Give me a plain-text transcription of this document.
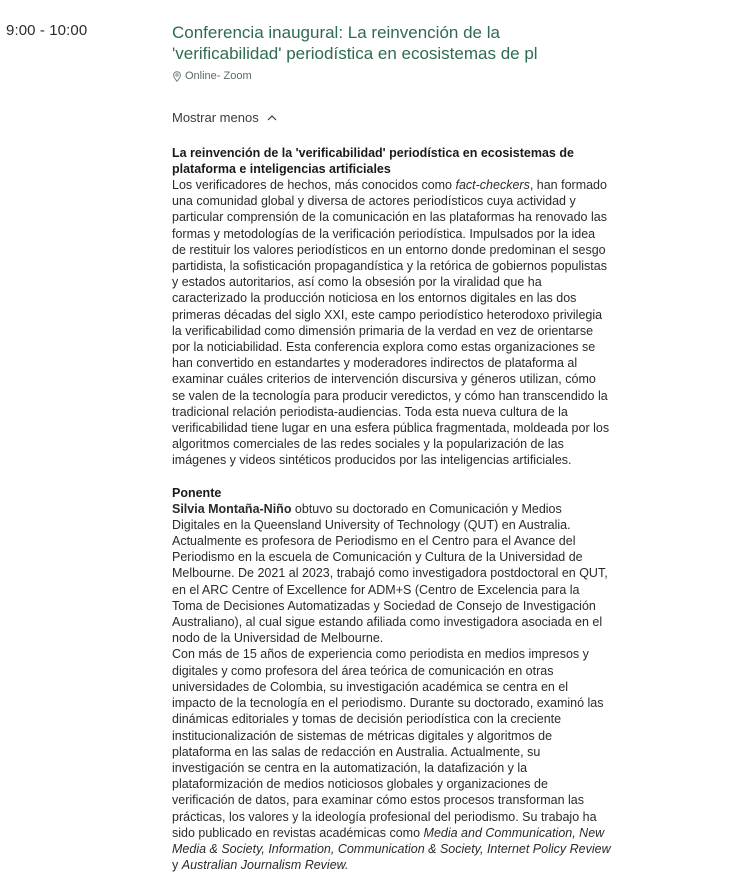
9:00 - 10:00	Conferencia inaugural: La reinvención de la 'verificabilidad' periodística en ecosistemas de pl
Online- Zoom
Mostrar menos
La reinvención de la 'verificabilidad' periodística en ecosistemas de plataforma e inteligencias artificiales

Los verificadores de hechos, más conocidos como fact-checkers, han formado una comunidad global y diversa de actores periodísticos cuya actividad y particular comprensión de la comunicación en las plataformas ha renovado las formas y metodologías de la verificación periodística. Impulsados por la idea de restituir los valores periodísticos en un entorno donde predominan el sesgo partidista, la sofisticación propagandística y la retórica de gobiernos populistas y estados autoritarios, así como la obsesión por la viralidad que ha caracterizado la producción noticiosa en los entornos digitales en las dos primeras décadas del siglo XXI, este campo periodístico heterodoxo privilegia la verificabilidad como dimensión primaria de la verdad en vez de orientarse por la noticiabilidad. Esta conferencia explora como estas organizaciones se han convertido en estandartes y moderadores indirectos de plataforma al examinar cuáles criterios de intervención discursiva y géneros utilizan, cómo se valen de la tecnología para producir veredictos, y cómo han transcendido la tradicional relación periodista-audiencias. Toda esta nueva cultura de la verificabilidad tiene lugar en una esfera pública fragmentada, moldeada por los algoritmos comerciales de las redes sociales y la popularización de las imágenes y videos sintéticos producidos por las inteligencias artificiales.

Ponente

Silvia Montaña-Niño obtuvo su doctorado en Comunicación y Medios Digitales en la Queensland University of Technology (QUT) en Australia. Actualmente es profesora de Periodismo en el Centro para el Avance del Periodismo en la escuela de Comunicación y Cultura de la Universidad de Melbourne. De 2021 al 2023, trabajó como investigadora postdoctoral en QUT, en el ARC Centre of Excellence for ADM+S (Centro de Excelencia para la Toma de Decisiones Automatizadas y Sociedad de Consejo de Investigación Australiano), al cual sigue estando afiliada como investigadora asociada en el nodo de la Universidad de Melbourne.

Con más de 15 años de experiencia como periodista en medios impresos y digitales y como profesora del área teórica de comunicación en otras universidades de Colombia, su investigación académica se centra en el impacto de la tecnología en el periodismo. Durante su doctorado, examinó las dinámicas editoriales y tomas de decisión periodística con la creciente institucionalización de sistemas de métricas digitales y algoritmos de plataforma en las salas de redacción en Australia. Actualmente, su investigación se centra en la automatización, la datafización y la plataformización de medios noticiosos globales y organizaciones de verificación de datos, para examinar cómo estos procesos transforman las prácticas, los valores y la ideología profesional del periodismo. Su trabajo ha sido publicado en revistas académicas como Media and Communication, New Media & Society, Information, Communication & Society, Internet Policy Review y Australian Journalism Review.
